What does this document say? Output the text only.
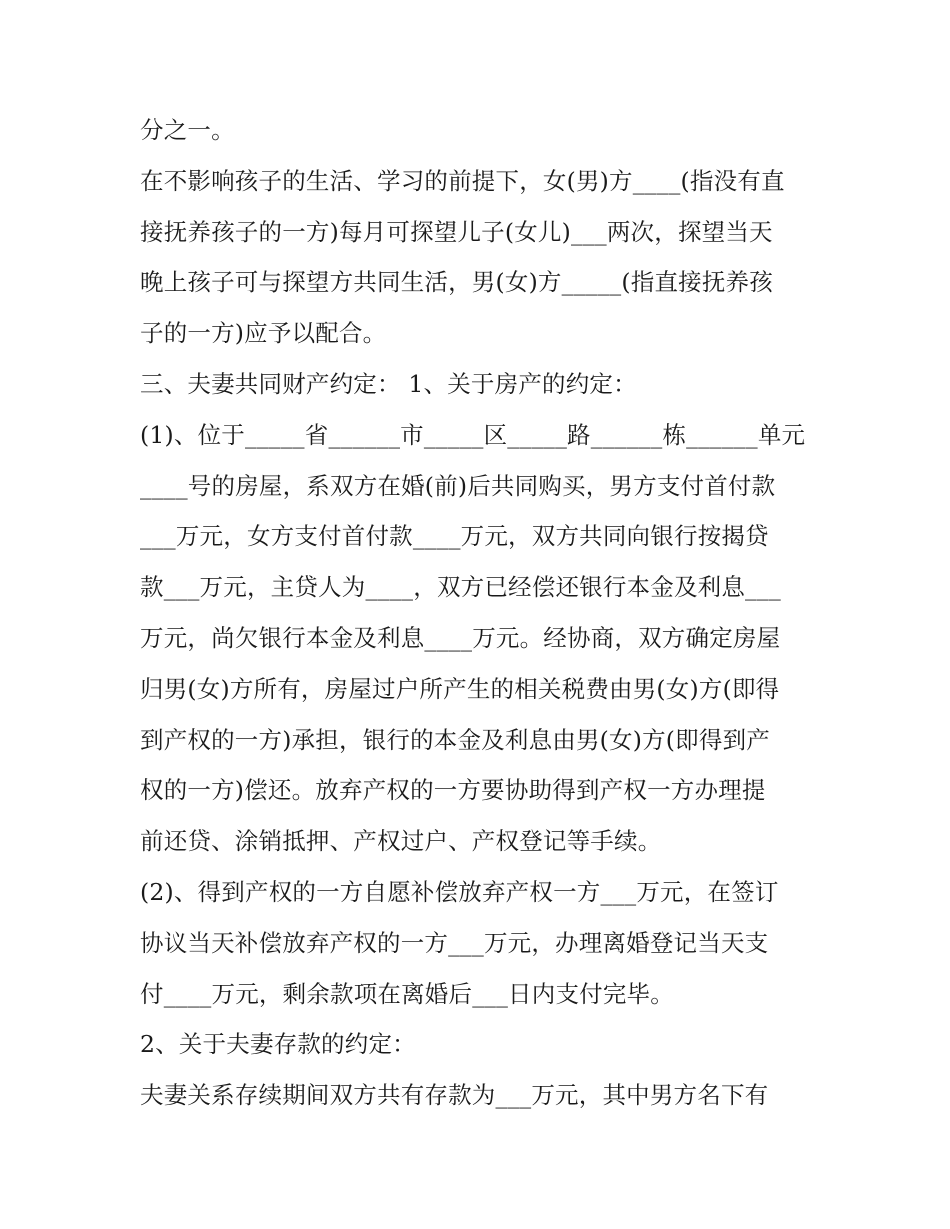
分之一。
在不影响孩子的生活、学习的前提下，女(男)方____(指没有直
接抚养孩子的一方)每月可探望儿子(女儿)___两次，探望当天
晚上孩子可与探望方共同生活，男(女)方_____(指直接抚养孩
子的一方)应予以配合。
三、夫妻共同财产约定： 1、关于房产的约定：
(1)、位于_____省______市_____区_____路______栋______单元
____号的房屋，系双方在婚(前)后共同购买，男方支付首付款
___万元，女方支付首付款____万元，双方共同向银行按揭贷
款___万元，主贷人为____，双方已经偿还银行本金及利息___
万元，尚欠银行本金及利息____万元。经协商，双方确定房屋
归男(女)方所有，房屋过户所产生的相关税费由男(女)方(即得
到产权的一方)承担，银行的本金及利息由男(女)方(即得到产
权的一方)偿还。放弃产权的一方要协助得到产权一方办理提
前还贷、涂销抵押、产权过户、产权登记等手续。
(2)、得到产权的一方自愿补偿放弃产权一方___万元，在签订
协议当天补偿放弃产权的一方___万元，办理离婚登记当天支
付____万元，剩余款项在离婚后___日内支付完毕。
2、关于夫妻存款的约定：
夫妻关系存续期间双方共有存款为___万元，其中男方名下有
